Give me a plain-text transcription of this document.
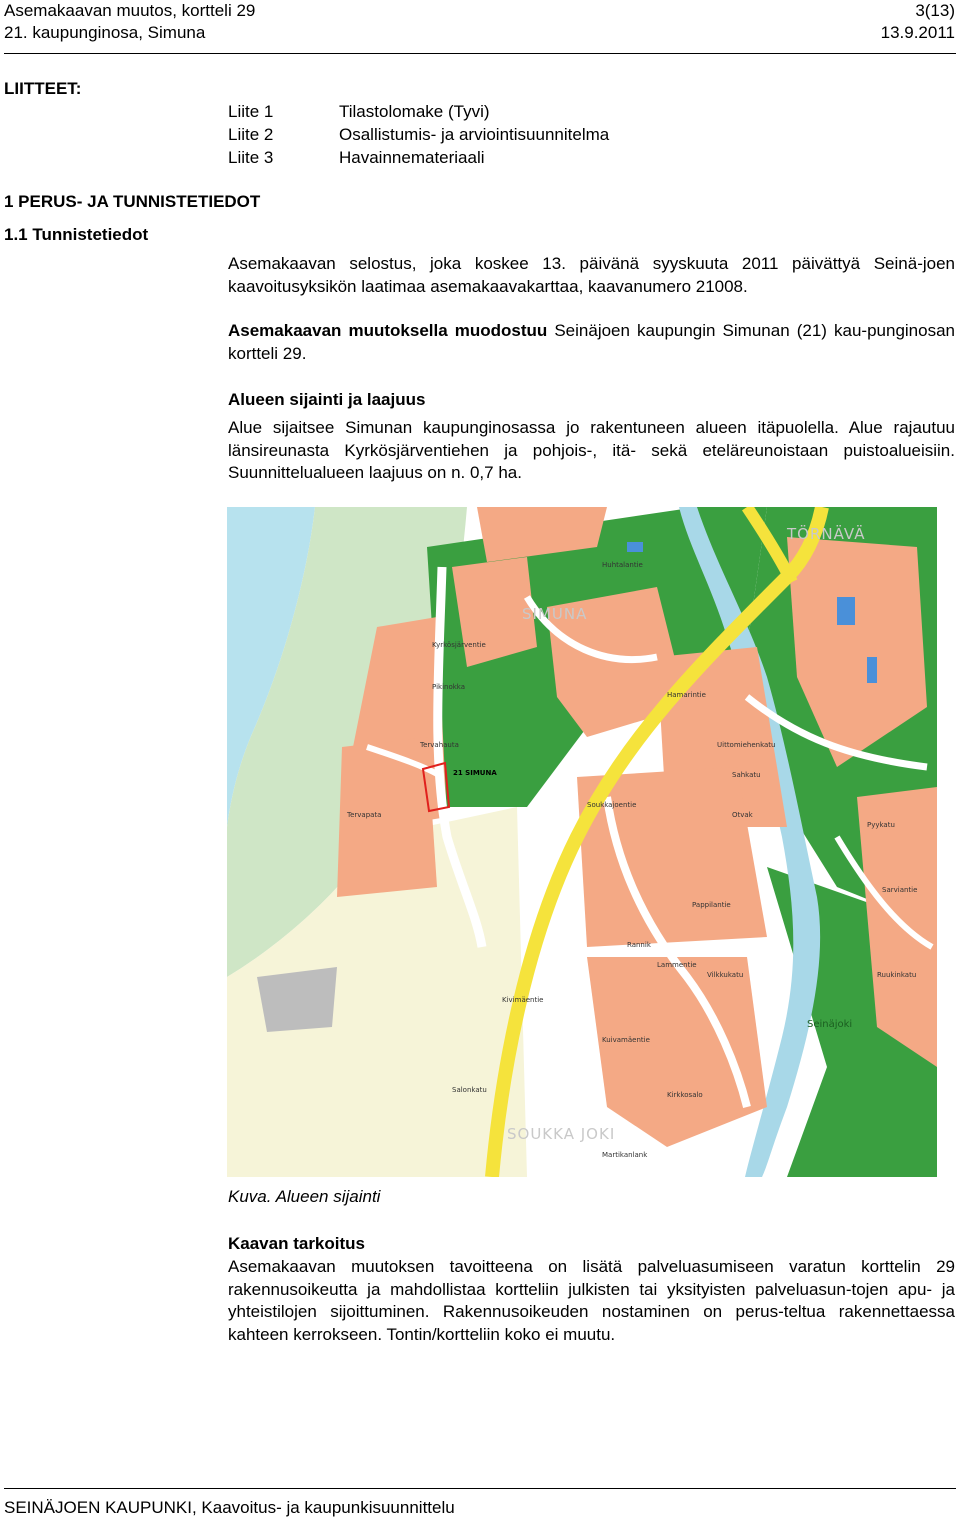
Asemakaavan muutos, kortteli 29
21. kaupunginosa, Simuna
3(13)
13.9.2011
LIITTEET:
Liite 1	Tilastolomake (Tyvi)
Liite 2	Osallistumis- ja arviointisuunnitelma
Liite 3	Havainnemateriaali
1 PERUS- JA TUNNISTETIEDOT
1.1 Tunnistetiedot
Asemakaavan selostus, joka koskee 13. päivänä syyskuuta 2011 päivättyä Seinä-joen kaavoitusyksikön laatimaa asemakaavakarttaa, kaavanumero 21008.
Asemakaavan muutoksella muodostuu Seinäjoen kaupungin Simunan (21) kau-punginosan kortteli 29.
Alueen sijainti ja laajuus
Alue sijaitsee Simunan kaupunginosassa jo rakentuneen alueen itäpuolella. Alue rajautuu länsireunasta Kyrkösjärventiehen ja pohjois-, itä- sekä eteläreunoistaan puistoalueisiin. Suunnittelualueen laajuus on n. 0,7 ha.
21 SIMUNA
SIMUNA
TÖRNÄVÄ
SOUKKA JOKI
Seinäjoki
Kyrkösjärventie
Huhtalantie
Hamarintie
Soukkajoentie
Uittomiehenkatu
Pappilantie
Lammentie
Pikinokka
Tervahauta
Tervapata
Kivimäentie
Sahkatu
Otvak
Rannik
Pyykatu
Sarviantie
Ruukinkatu
Vilkkukatu
Kuivamäentie
Martikanlank
Salonkatu
Kirkkosalo
Kuva. Alueen sijainti
Kaavan tarkoitus
Asemakaavan muutoksen tavoitteena on lisätä palveluasumiseen varatun korttelin 29 rakennusoikeutta ja mahdollistaa kortteliin julkisten tai yksityisten palveluasun-tojen apu- ja yhteistilojen sijoittuminen. Rakennusoikeuden nostaminen on perus-teltua rakennettaessa kahteen kerrokseen. Tontin/kortteliin koko ei muutu.
SEINÄJOEN KAUPUNKI, Kaavoitus- ja kaupunkisuunnittelu
